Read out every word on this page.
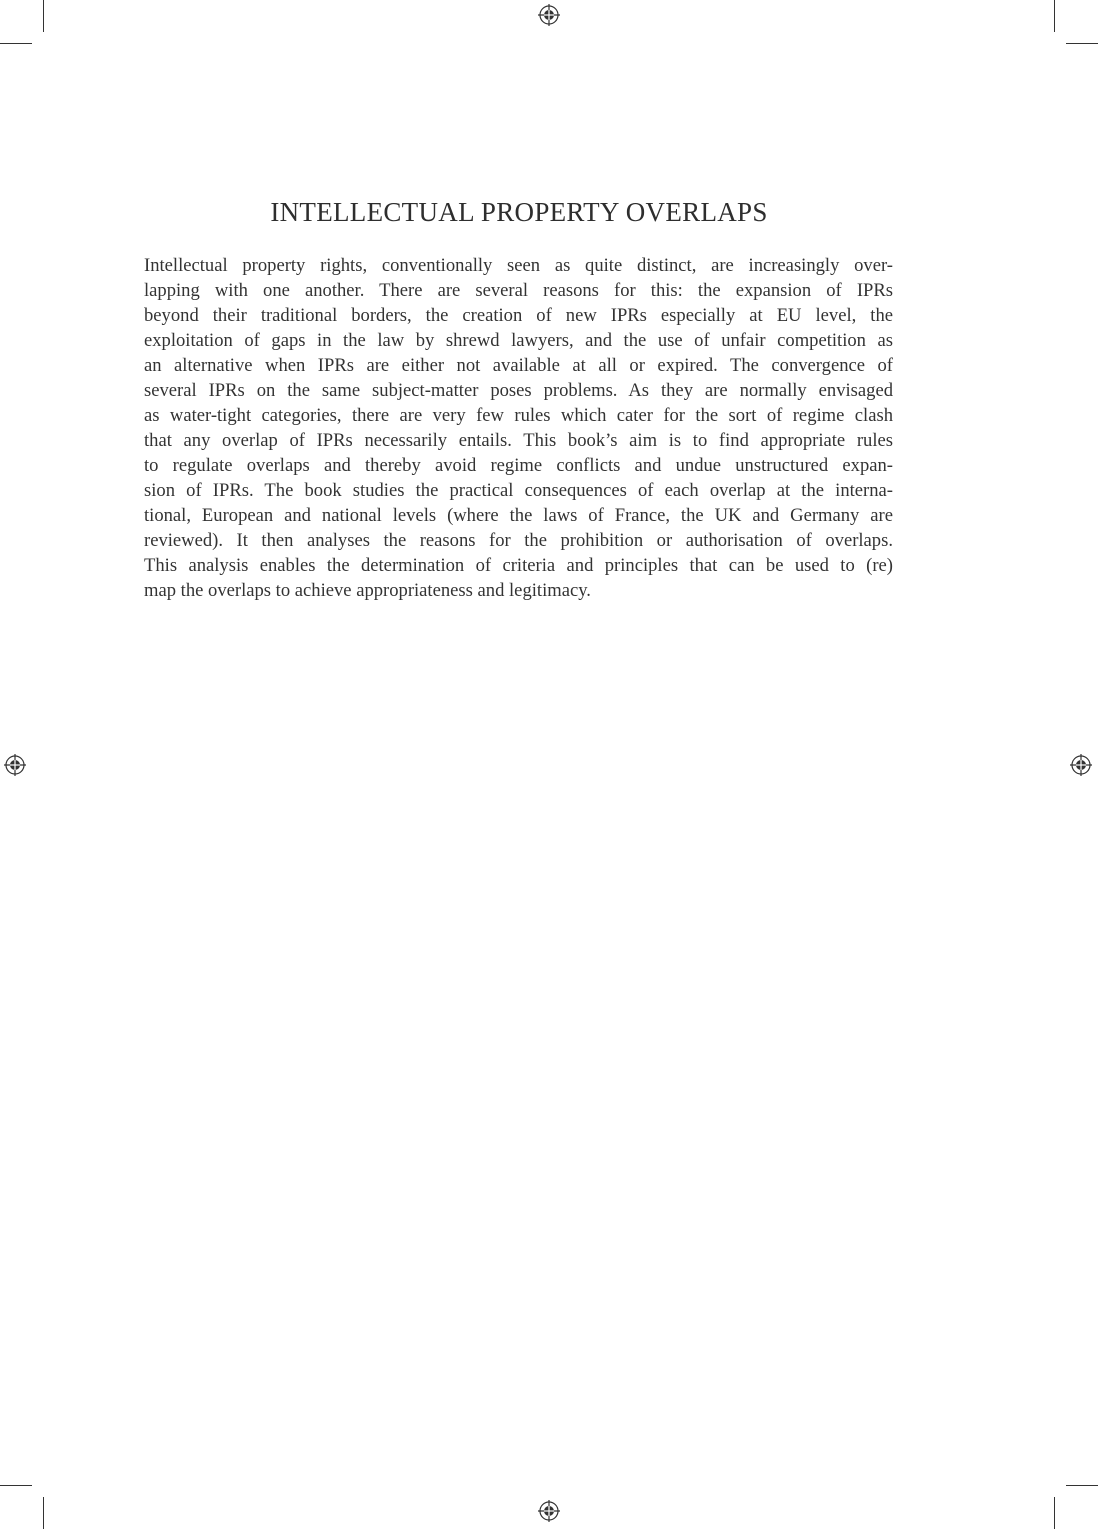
INTELLECTUAL PROPERTY OVERLAPS
Intellectual property rights, conventionally seen as quite distinct, are increasingly over-
lapping with one another. There are several reasons for this: the expansion of IPRs
beyond their traditional borders, the creation of new IPRs especially at EU level, the
exploitation of gaps in the law by shrewd lawyers, and the use of unfair competition as
an alternative when IPRs are either not available at all or expired. The convergence of
several IPRs on the same subject-matter poses problems. As they are normally envisaged
as water-tight categories, there are very few rules which cater for the sort of regime clash
that any overlap of IPRs necessarily entails. This book’s aim is to find appropriate rules
to regulate overlaps and thereby avoid regime conflicts and undue unstructured expan-
sion of IPRs. The book studies the practical consequences of each overlap at the interna-
tional, European and national levels (where the laws of France, the UK and Germany are
reviewed). It then analyses the reasons for the prohibition or authorisation of overlaps.
This analysis enables the determination of criteria and principles that can be used to (re)
map the overlaps to achieve appropriateness and legitimacy.
